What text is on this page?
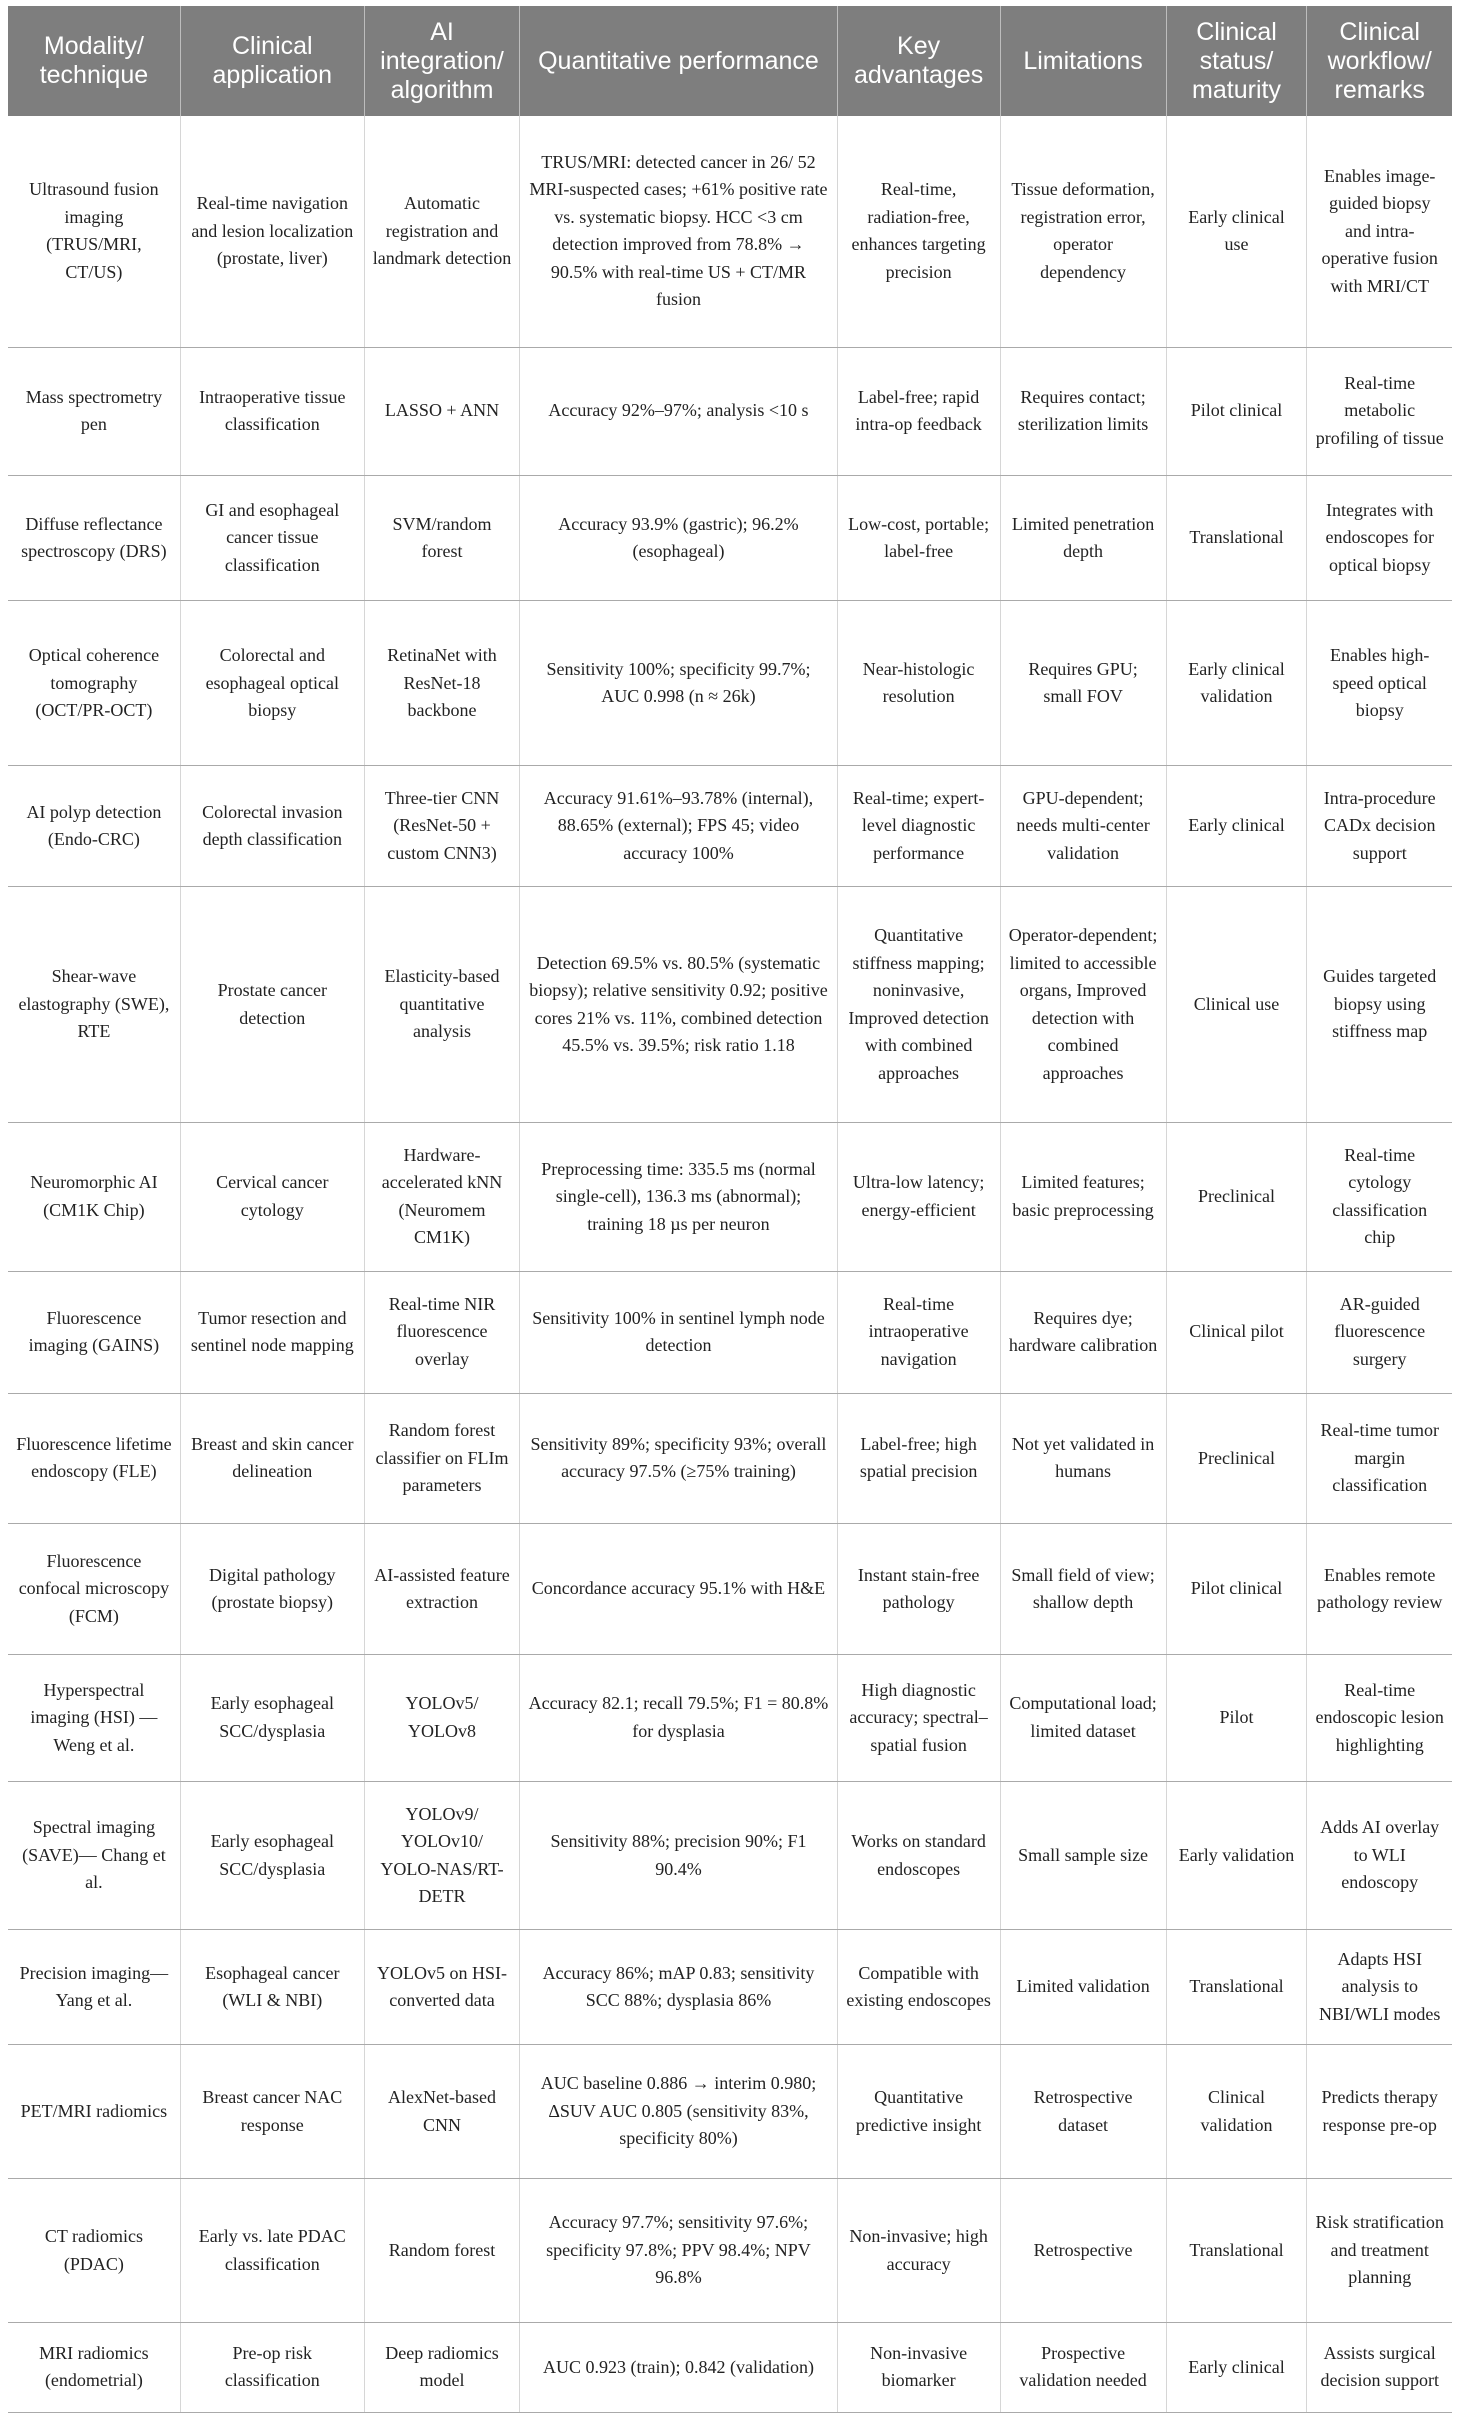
Modality/ technique	Clinical application	AI integration/ algorithm	Quantitative performance	Key advantages	Limitations	Clinical status/ maturity	Clinical workflow/ remarks
Ultrasound fusion imaging (TRUS/MRI, CT/US)	Real-time navigation and lesion localization (prostate, liver)	Automatic registration and landmark detection	TRUS/MRI: detected cancer in 26/ 52 MRI-suspected cases; +61% positive rate vs. systematic biopsy. HCC <3 cm detection improved from 78.8% → 90.5% with real-time US + CT/MR fusion	Real-time, radiation-free, enhances targeting precision	Tissue deformation, registration error, operator dependency	Early clinical use	Enables image-guided biopsy and intra-operative fusion with MRI/CT
Mass spectrometry pen	Intraoperative tissue classification	LASSO + ANN	Accuracy 92%–97%; analysis <10 s	Label-free; rapid intra-op feedback	Requires contact; sterilization limits	Pilot clinical	Real-time metabolic profiling of tissue
Diffuse reflectance spectroscopy (DRS)	GI and esophageal cancer tissue classification	SVM/random forest	Accuracy 93.9% (gastric); 96.2% (esophageal)	Low-cost, portable; label-free	Limited penetration depth	Translational	Integrates with endoscopes for optical biopsy
Optical coherence tomography (OCT/PR-OCT)	Colorectal and esophageal optical biopsy	RetinaNet with ResNet-18 backbone	Sensitivity 100%; specificity 99.7%; AUC 0.998 (n ≈ 26k)	Near-histologic resolution	Requires GPU; small FOV	Early clinical validation	Enables high-speed optical biopsy
AI polyp detection (Endo-CRC)	Colorectal invasion depth classification	Three-tier CNN (ResNet-50 + custom CNN3)	Accuracy 91.61%–93.78% (internal), 88.65% (external); FPS 45; video accuracy 100%	Real-time; expert-level diagnostic performance	GPU-dependent; needs multi-center validation	Early clinical	Intra-procedure CADx decision support
Shear-wave elastography (SWE), RTE	Prostate cancer detection	Elasticity-based quantitative analysis	Detection 69.5% vs. 80.5% (systematic biopsy); relative sensitivity 0.92; positive cores 21% vs. 11%, combined detection 45.5% vs. 39.5%; risk ratio 1.18	Quantitative stiffness mapping; noninvasive, Improved detection with combined approaches	Operator-dependent; limited to accessible organs, Improved detection with combined approaches	Clinical use	Guides targeted biopsy using stiffness map
Neuromorphic AI (CM1K Chip)	Cervical cancer cytology	Hardware-accelerated kNN (Neuromem CM1K)	Preprocessing time: 335.5 ms (normal single-cell), 136.3 ms (abnormal); training 18 µs per neuron	Ultra-low latency; energy-efficient	Limited features; basic preprocessing	Preclinical	Real-time cytology classification chip
Fluorescence imaging (GAINS)	Tumor resection and sentinel node mapping	Real-time NIR fluorescence overlay	Sensitivity 100% in sentinel lymph node detection	Real-time intraoperative navigation	Requires dye; hardware calibration	Clinical pilot	AR-guided fluorescence surgery
Fluorescence lifetime endoscopy (FLE)	Breast and skin cancer delineation	Random forest classifier on FLIm parameters	Sensitivity 89%; specificity 93%; overall accuracy 97.5% (≥75% training)	Label-free; high spatial precision	Not yet validated in humans	Preclinical	Real-time tumor margin classification
Fluorescence confocal microscopy (FCM)	Digital pathology (prostate biopsy)	AI-assisted feature extraction	Concordance accuracy 95.1% with H&E	Instant stain-free pathology	Small field of view; shallow depth	Pilot clinical	Enables remote pathology review
Hyperspectral imaging (HSI) — Weng et al.	Early esophageal SCC/dysplasia	YOLOv5/ YOLOv8	Accuracy 82.1; recall 79.5%; F1 = 80.8% for dysplasia	High diagnostic accuracy; spectral–spatial fusion	Computational load; limited dataset	Pilot	Real-time endoscopic lesion highlighting
Spectral imaging (SAVE)— Chang et al.	Early esophageal SCC/dysplasia	YOLOv9/ YOLOv10/ YOLO-NAS/RT-DETR	Sensitivity 88%; precision 90%; F1 90.4%	Works on standard endoscopes	Small sample size	Early validation	Adds AI overlay to WLI endoscopy
Precision imaging—Yang et al.	Esophageal cancer (WLI & NBI)	YOLOv5 on HSI-converted data	Accuracy 86%; mAP 0.83; sensitivity SCC 88%; dysplasia 86%	Compatible with existing endoscopes	Limited validation	Translational	Adapts HSI analysis to NBI/WLI modes
PET/MRI radiomics	Breast cancer NAC response	AlexNet-based CNN	AUC baseline 0.886 → interim 0.980; ΔSUV AUC 0.805 (sensitivity 83%, specificity 80%)	Quantitative predictive insight	Retrospective dataset	Clinical validation	Predicts therapy response pre-op
CT radiomics (PDAC)	Early vs. late PDAC classification	Random forest	Accuracy 97.7%; sensitivity 97.6%; specificity 97.8%; PPV 98.4%; NPV 96.8%	Non-invasive; high accuracy	Retrospective	Translational	Risk stratification and treatment planning
MRI radiomics (endometrial)	Pre-op risk classification	Deep radiomics model	AUC 0.923 (train); 0.842 (validation)	Non-invasive biomarker	Prospective validation needed	Early clinical	Assists surgical decision support
